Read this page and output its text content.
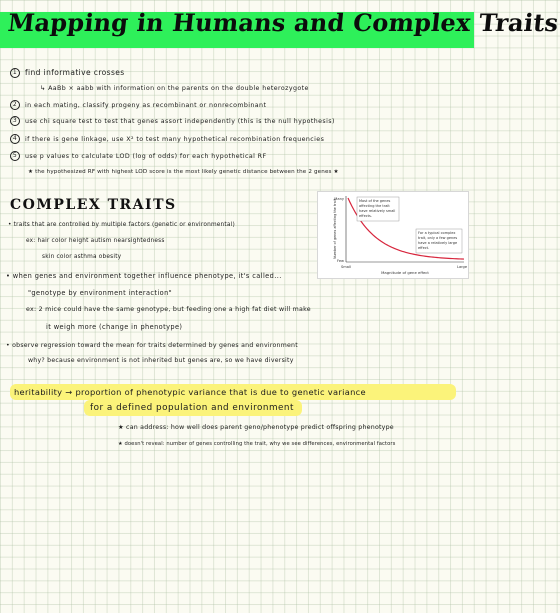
Mapping in Humans and Complex Traits
1 find informative crosses
↳ AaBb × aabb with information on the parents on the double heterozygote
2 in each mating, classify progeny as recombinant or nonrecombinant
3 use chi square test to test that genes assort independently (this is the null hypothesis)
4 if there is gene linkage, use X² to test many hypothetical recombination frequencies
5 use p values to calculate LOD (log of odds) for each hypothetical RF
★ the hypothesized RF with highest LOD score is the most likely genetic distance between the 2 genes ★
COMPLEX TRAITS
• traits that are controlled by multiple factors (genetic or environmental)
ex: hair color height autism nearsightedness
skin color asthma obesity
• when genes and environment together influence phenotype, it's called...
"genotype by environment interaction"
ex: 2 mice could have the same genotype, but feeding one a high fat diet will make
it weigh more (change in phenotype)
• observe regression toward the mean for traits determined by genes and environment
why? because environment is not inherited but genes are, so we have diversity
Many
Few
Small	Large
Magnitude of gene effect
Number of genes affecting the trait	Most of the genes affecting the trait have relatively small effects.
For a typical complex trait, only a few genes have a relatively large effect.
heritability → proportion of phenotypic variance that is due to genetic variance
for a defined population and environment
★ can address: how well does parent geno/phenotype predict offspring phenotype
★ doesn't reveal: number of genes controlling the trait, why we see differences, environmental factors
